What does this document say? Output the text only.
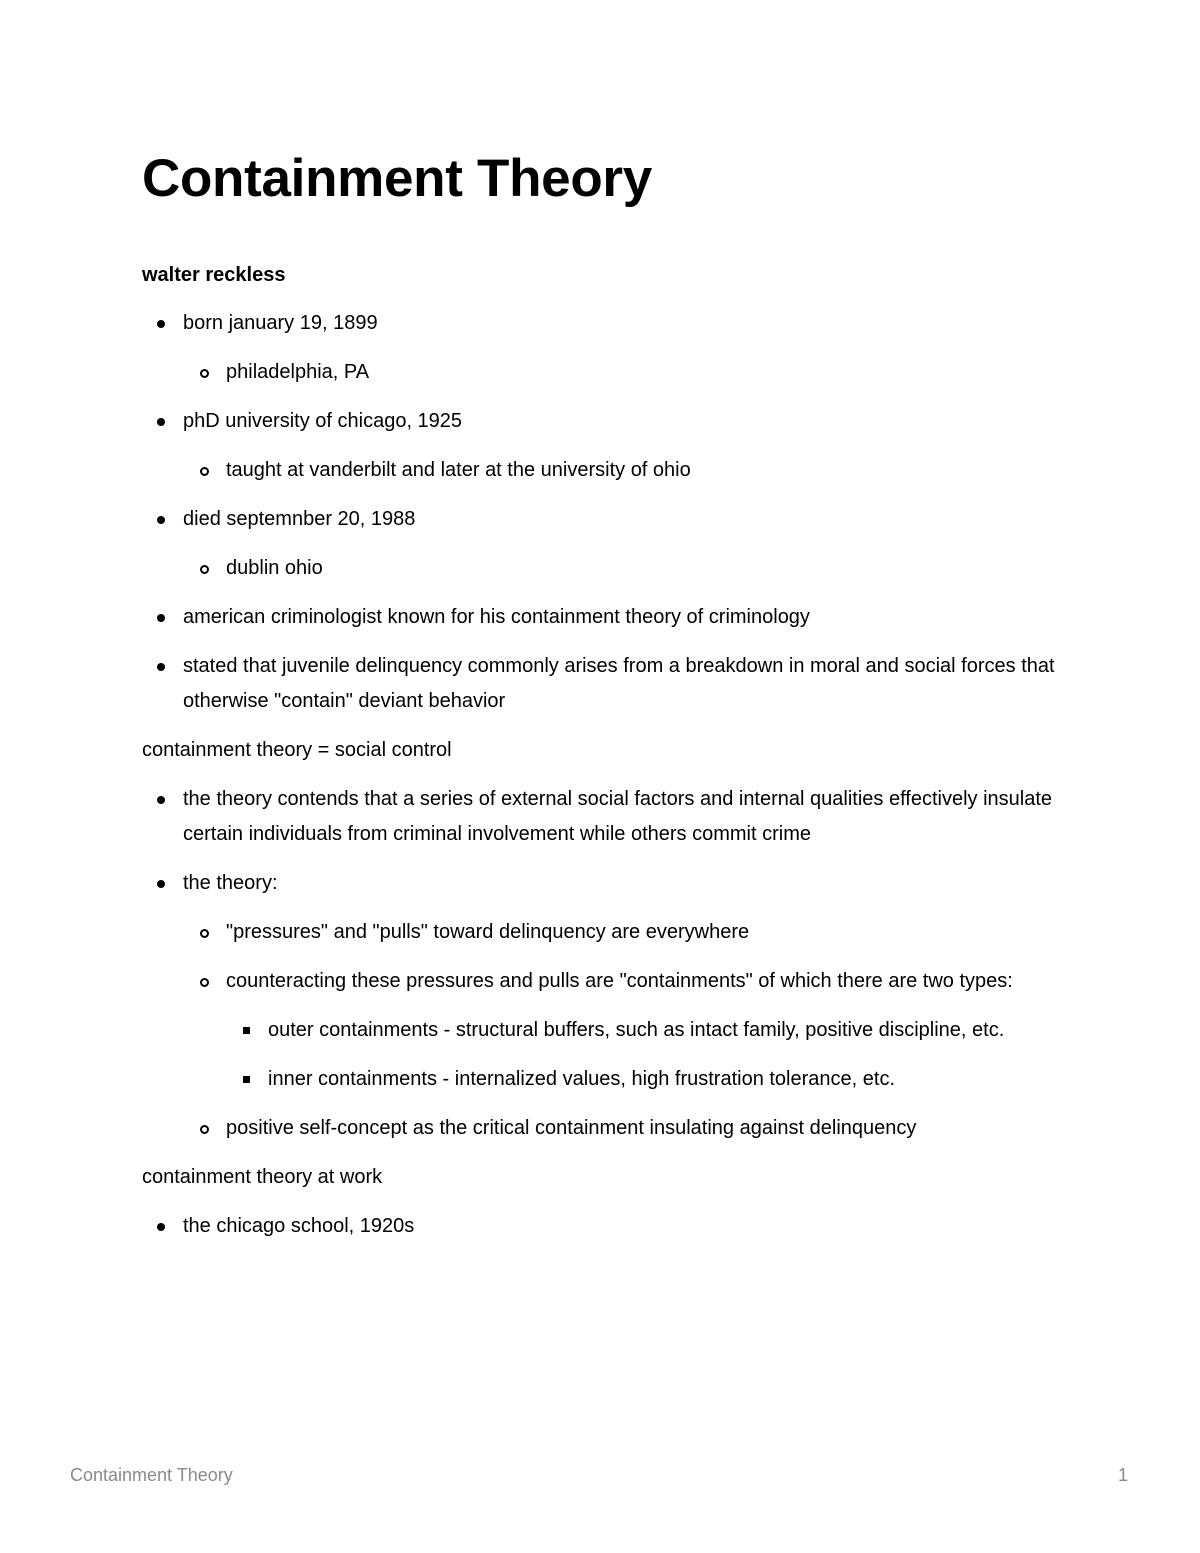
Containment Theory

walter reckless

born january 19, 1899
philadelphia, PA
phD university of chicago, 1925
taught at vanderbilt and later at the university of ohio
died septemnber 20, 1988
dublin ohio
american criminologist known for his containment theory of criminology
stated that juvenile delinquency commonly arises from a breakdown in moral and social forces that otherwise "contain" deviant behavior

containment theory = social control

the theory contends that a series of external social factors and internal qualities effectively insulate certain individuals from criminal involvement while others commit crime
the theory:
"pressures" and "pulls" toward delinquency are everywhere
counteracting these pressures and pulls are "containments" of which there are two types:
outer containments - structural buffers, such as intact family, positive discipline, etc.
inner containments - internalized values, high frustration tolerance, etc.
positive self-concept as the critical containment insulating against delinquency

containment theory at work

the chicago school, 1920s
Containment Theory	1
